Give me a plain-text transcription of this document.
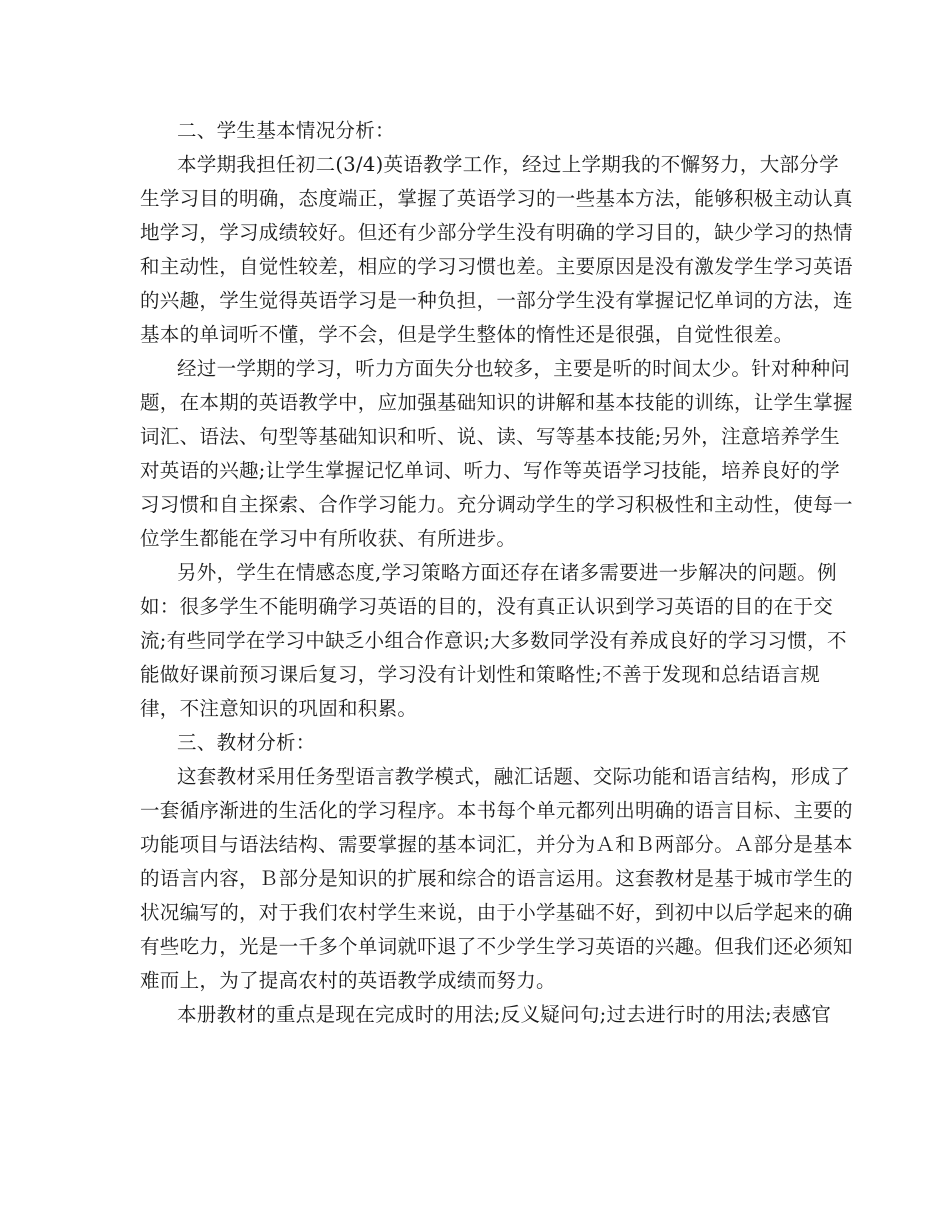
二、学生基本情况分析：
本学期我担任初二(3/4)英语教学工作，经过上学期我的不懈努力，大部分学
生学习目的明确，态度端正，掌握了英语学习的一些基本方法，能够积极主动认真
地学习，学习成绩较好。但还有少部分学生没有明确的学习目的，缺少学习的热情
和主动性，自觉性较差，相应的学习习惯也差。主要原因是没有激发学生学习英语
的兴趣，学生觉得英语学习是一种负担，一部分学生没有掌握记忆单词的方法，连
基本的单词听不懂，学不会，但是学生整体的惰性还是很强，自觉性很差。
经过一学期的学习，听力方面失分也较多，主要是听的时间太少。针对种种问
题，在本期的英语教学中，应加强基础知识的讲解和基本技能的训练，让学生掌握
词汇、语法、句型等基础知识和听、说、读、写等基本技能;另外，注意培养学生
对英语的兴趣;让学生掌握记忆单词、听力、写作等英语学习技能，培养良好的学
习习惯和自主探索、合作学习能力。充分调动学生的学习积极性和主动性，使每一
位学生都能在学习中有所收获、有所进步。
另外，学生在情感态度,学习策略方面还存在诸多需要进一步解决的问题。例
如：很多学生不能明确学习英语的目的，没有真正认识到学习英语的目的在于交
流;有些同学在学习中缺乏小组合作意识;大多数同学没有养成良好的学习习惯，不
能做好课前预习课后复习，学习没有计划性和策略性;不善于发现和总结语言规
律，不注意知识的巩固和积累。
三、教材分析：
这套教材采用任务型语言教学模式，融汇话题、交际功能和语言结构，形成了
一套循序渐进的生活化的学习程序。本书每个单元都列出明确的语言目标、主要的
功能项目与语法结构、需要掌握的基本词汇，并分为Ａ和Ｂ两部分。Ａ部分是基本
的语言内容，Ｂ部分是知识的扩展和综合的语言运用。这套教材是基于城市学生的
状况编写的，对于我们农村学生来说，由于小学基础不好，到初中以后学起来的确
有些吃力，光是一千多个单词就吓退了不少学生学习英语的兴趣。但我们还必须知
难而上，为了提高农村的英语教学成绩而努力。
本册教材的重点是现在完成时的用法;反义疑问句;过去进行时的用法;表感官
